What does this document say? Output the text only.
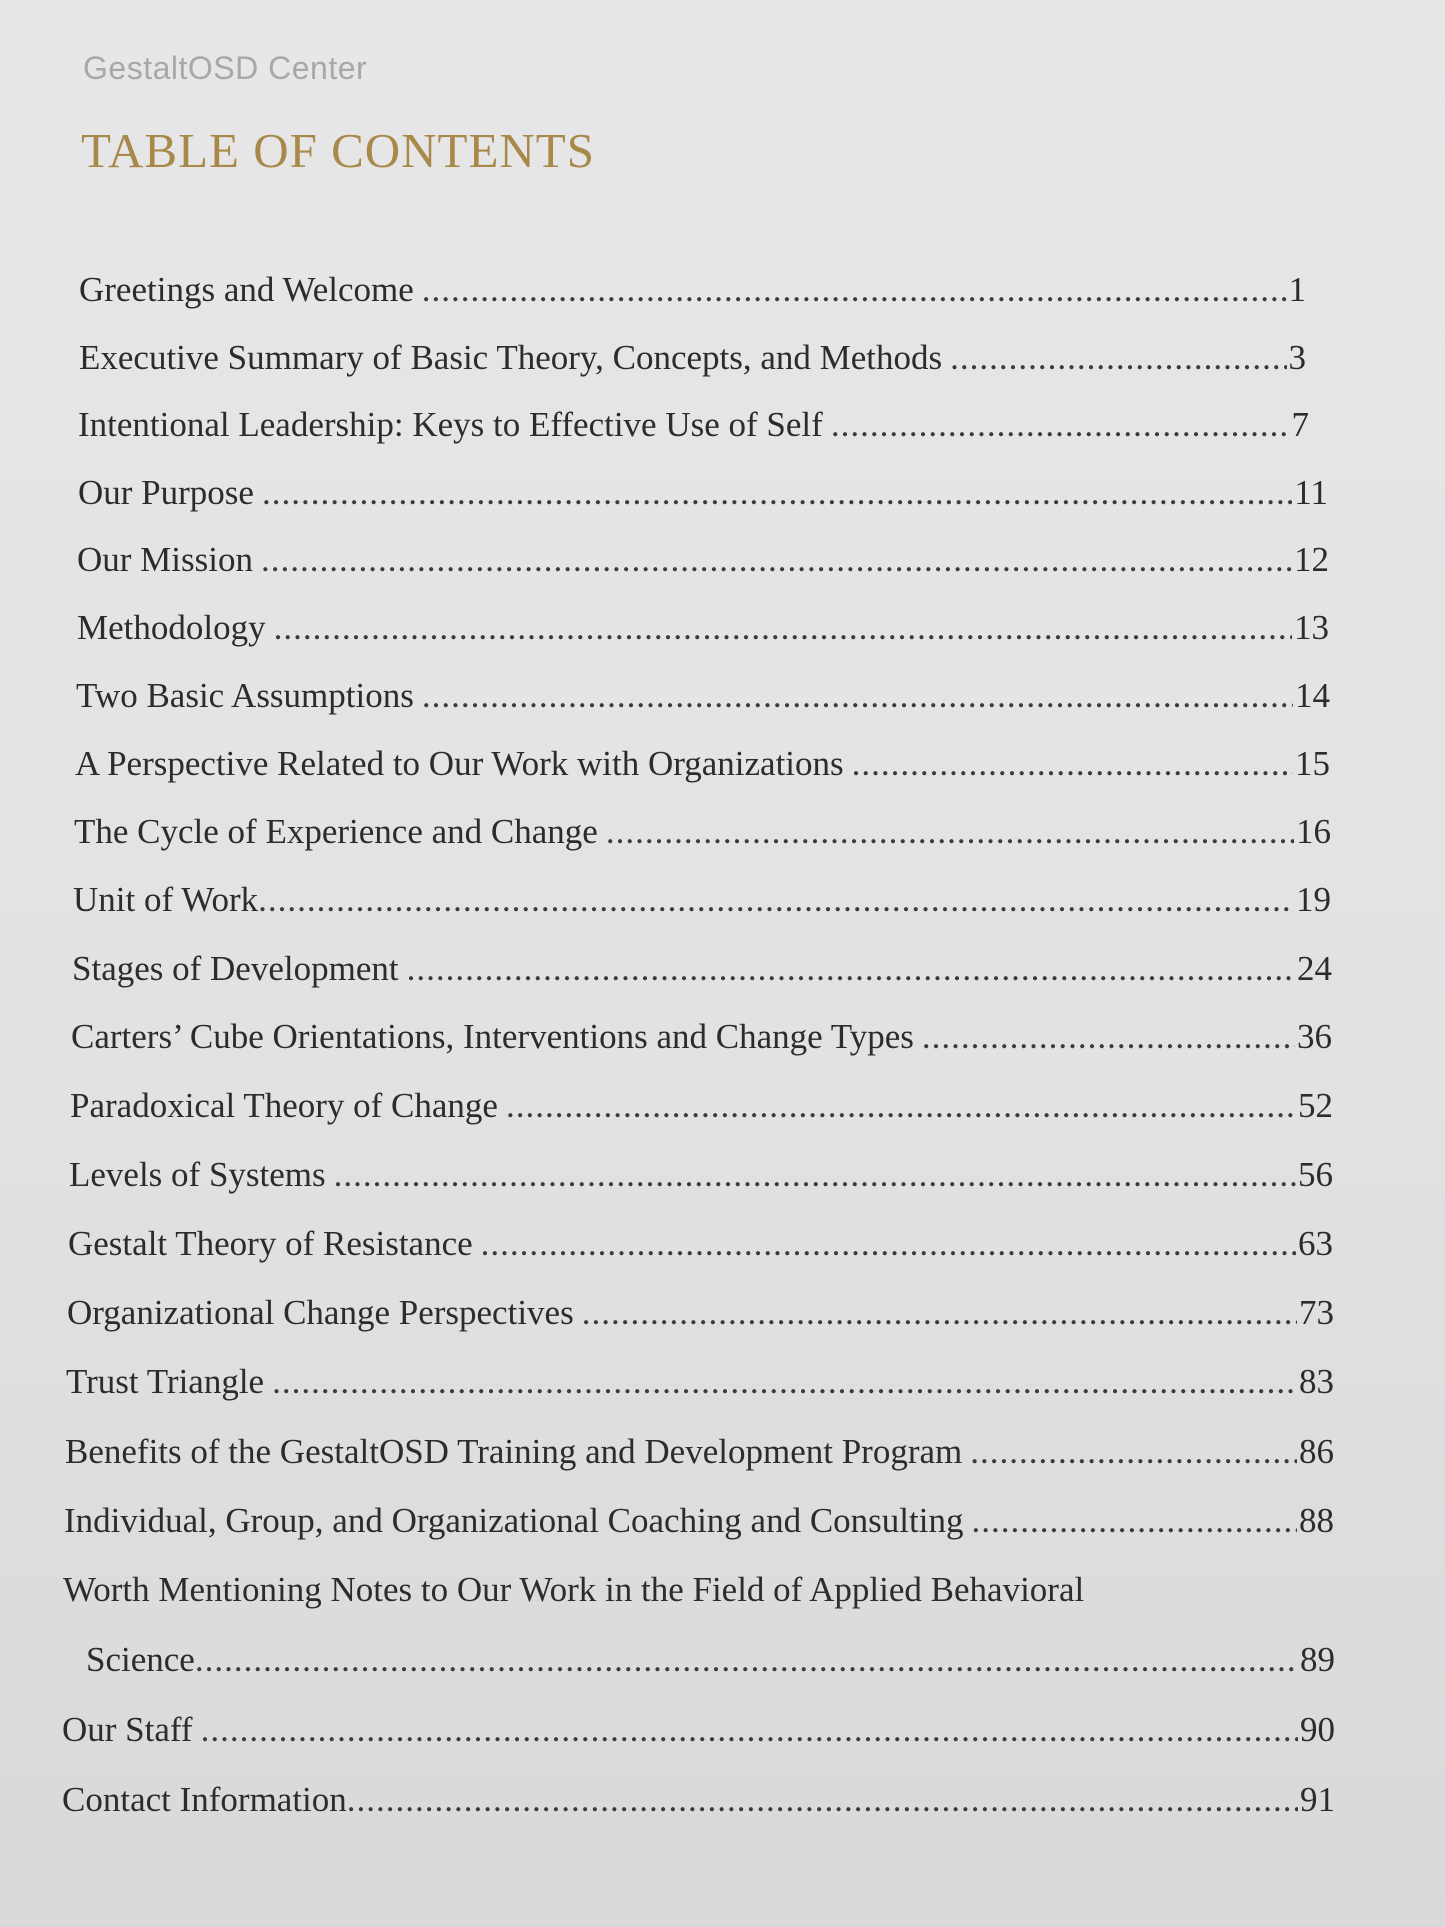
GestaltOSD Center
TABLE OF CONTENTS
Greetings and Welcome .....	1
Executive Summary of Basic Theory, Concepts, and Methods .....	3
Intentional Leadership: Keys to Effective Use of Self .....	7
Our Purpose .....	11
Our Mission .....	12
Methodology .....	13
Two Basic Assumptions .....	14
A Perspective Related to Our Work with Organizations .....	15
The Cycle of Experience and Change .....	16
Unit of Work .....	19
Stages of Development .....	24
Carters’ Cube Orientations, Interventions and Change Types .....	36
Paradoxical Theory of Change .....	52
Levels of Systems .....	56
Gestalt Theory of Resistance .....	63
Organizational Change Perspectives .....	73
Trust Triangle .....	83
Benefits of the GestaltOSD Training and Development Program .....	86
Individual, Group, and Organizational Coaching and Consulting .....	88
Worth Mentioning Notes to Our Work in the Field of Applied Behavioral
Science .....	89
Our Staff .....	90
Contact Information .....	91
